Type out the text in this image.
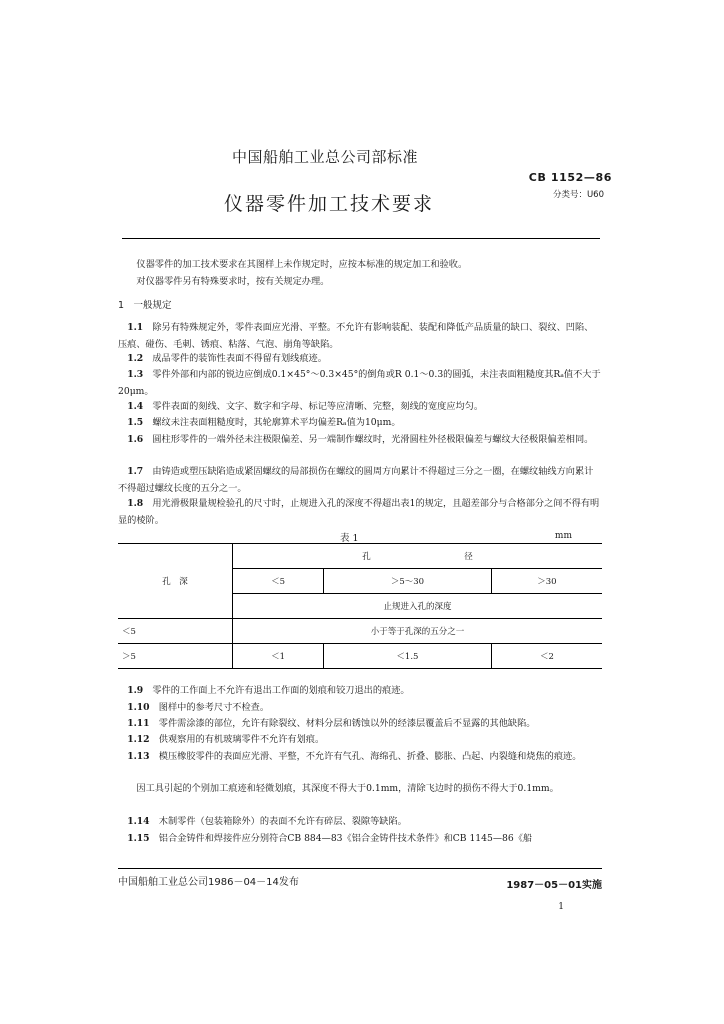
中国船舶工业总公司部标准
CB 1152—86
分类号：U60
仪器零件加工技术要求
仪器零件的加工技术要求在其图样上未作规定时，应按本标准的规定加工和验收。
对仪器零件另有特殊要求时，按有关规定办理。
1　一般规定
1.1　 除另有特殊规定外，零件表面应光滑、平整。不允许有影响装配、装配和降低产品质量的缺口、裂纹、凹陷、压痕、碰伤、毛刺、锈痕、粘落、气泡、崩角等缺陷。
1.2　 成品零件的装饰性表面不得留有划线痕迹。
1.3　 零件外部和内部的锐边应倒成0.1×45°～0.3×45°的倒角或R 0.1～0.3的圆弧，未注表面粗糙度其Rₐ值不大于20μm。
1.4　 零件表面的刻线、文字、数字和字母、标记等应清晰、完整，刻线的宽度应均匀。
1.5　 螺纹未注表面粗糙度时，其轮廓算术平均偏差Rₐ值为10μm。
1.6　 圆柱形零件的一端外径未注极限偏差、另一端制作螺纹时，光滑圆柱外径极限偏差与螺纹大径极限偏差相同。
1.7　 由铸造或塑压缺陷造成紧固螺纹的局部损伤在螺纹的圆周方向累计不得超过三分之一圈，在螺纹轴线方向累计不得超过螺纹长度的五分之一。
1.8　 用光滑极限量规检验孔的尺寸时，止规进入孔的深度不得超出表1的规定，且超差部分与合格部分之间不得有明显的棱阶。
表 1	mm
孔　深	孔　　　　　　　　　　　径		
	＜5	＞5～30	＞30
	止规进入孔的深度		
＜5	小于等于孔深的五分之一		
＞5	＜1	＜1.5	＜2
1.9　 零件的工作面上不允许有退出工作面的划痕和铰刀退出的痕迹。
1.10　 图样中的参考尺寸不检查。
1.11　 零件需涂漆的部位，允许有除裂纹、材料分层和锈蚀以外的经漆层覆盖后不显露的其他缺陷。
1.12　 供观察用的有机玻璃零件不允许有划痕。
1.13　 模压橡胶零件的表面应光滑、平整，不允许有气孔、海绵孔、折叠、膨胀、凸起、内裂缝和烧焦的痕迹。
因工具引起的个别加工痕迹和轻微划痕，其深度不得大于0.1mm，清除飞边时的损伤不得大于0.1mm。
1.14　 木制零件（包装箱除外）的表面不允许有碎层、裂隙等缺陷。
1.15　 铝合金铸件和焊接件应分别符合CB 884—83《铝合金铸件技术条件》和CB 1145—86《船
中国船舶工业总公司1986－04－14发布	1987－05－01实施
1
